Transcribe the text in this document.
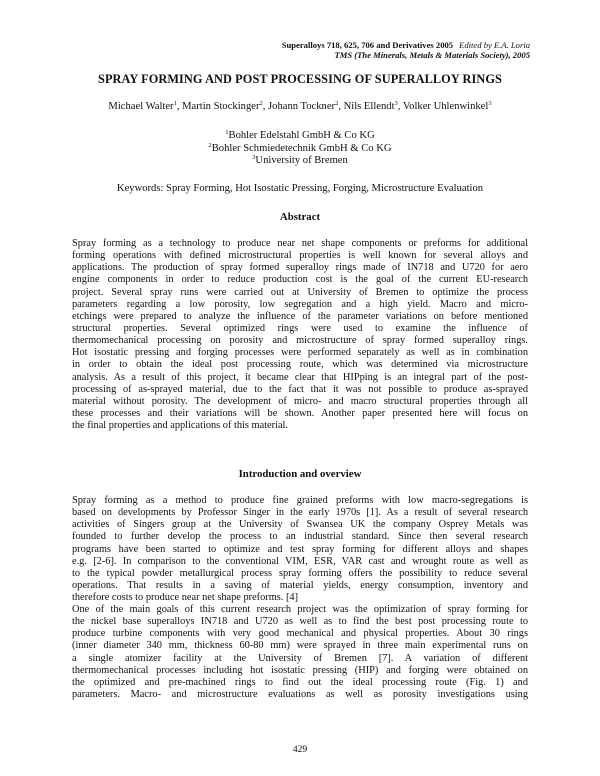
Superalloys 718, 625, 706 and Derivatives 2005 Edited by E.A. Loria
TMS (The Minerals, Metals & Materials Society), 2005
SPRAY FORMING AND POST PROCESSING OF SUPERALLOY RINGS
Michael Walter$^1$, Martin Stockinger$^2$, Johann Tockner$^2$, Nils Ellendt$^3$, Volker Uhlenwinkel$^3$
$^1$Bohler Edelstahl GmbH & Co KG
$^2$Bohler Schmiedetechnik GmbH & Co KG
$^3$University of Bremen
Keywords: Spray Forming, Hot Isostatic Pressing, Forging, Microstructure Evaluation
Abstract
Spray forming as a technology to produce near net shape components or preforms for additional
forming operations with defined microstructural properties is well known for several alloys and
applications. The production of spray formed superalloy rings made of IN718 and U720 for aero
engine components in order to reduce production cost is the goal of the current EU-research
project. Several spray runs were carried out at University of Bremen to optimize the process
parameters regarding a low porosity, low segregation and a high yield. Macro and micro-
etchings were prepared to analyze the influence of the parameter variations on before mentioned
structural properties. Several optimized rings were used to examine the influence of
thermomechanical processing on porosity and microstructure of spray formed superalloy rings.
Hot isostatic pressing and forging processes were performed separately as well as in combination
in order to obtain the ideal post processing route, which was determined via microstructure
analysis. As a result of this project, it became clear that HIPping is an integral part of the post-
processing of as-sprayed material, due to the fact that it was not possible to produce as-sprayed
material without porosity. The development of micro- and macro structural properties through all
these processes and their variations will be shown. Another paper presented here will focus on
the final properties and applications of this material.
Introduction and overview
Spray forming as a method to produce fine grained preforms with low macro-segregations is
based on developments by Professor Singer in the early 1970s [1]. As a result of several research
activities of Singers group at the University of Swansea UK the company Osprey Metals was
founded to further develop the process to an industrial standard. Since then several research
programs have been started to optimize and test spray forming for different alloys and shapes
e.g. [2-6]. In comparison to the conventional VIM, ESR, VAR cast and wrought route as well as
to the typical powder metallurgical process spray forming offers the possibility to reduce several
operations. That results in a saving of material yields, energy consumption, inventory and
therefore costs to produce near net shape preforms. [4]
One of the main goals of this current research project was the optimization of spray forming for
the nickel base superalloys IN718 and U720 as well as to find the best post processing route to
produce turbine components with very good mechanical and physical properties. About 30 rings
(inner diameter 340 mm, thickness 60-80 mm) were sprayed in three main experimental runs on
a single atomizer facility at the University of Bremen [7]. A variation of different
thermomechanical processes including hot isostatic pressing (HIP) and forging were obtained on
the optimized and pre-machined rings to find out the ideal processing route (Fig. 1) and
parameters. Macro- and microstructure evaluations as well as porosity investigations using
429
